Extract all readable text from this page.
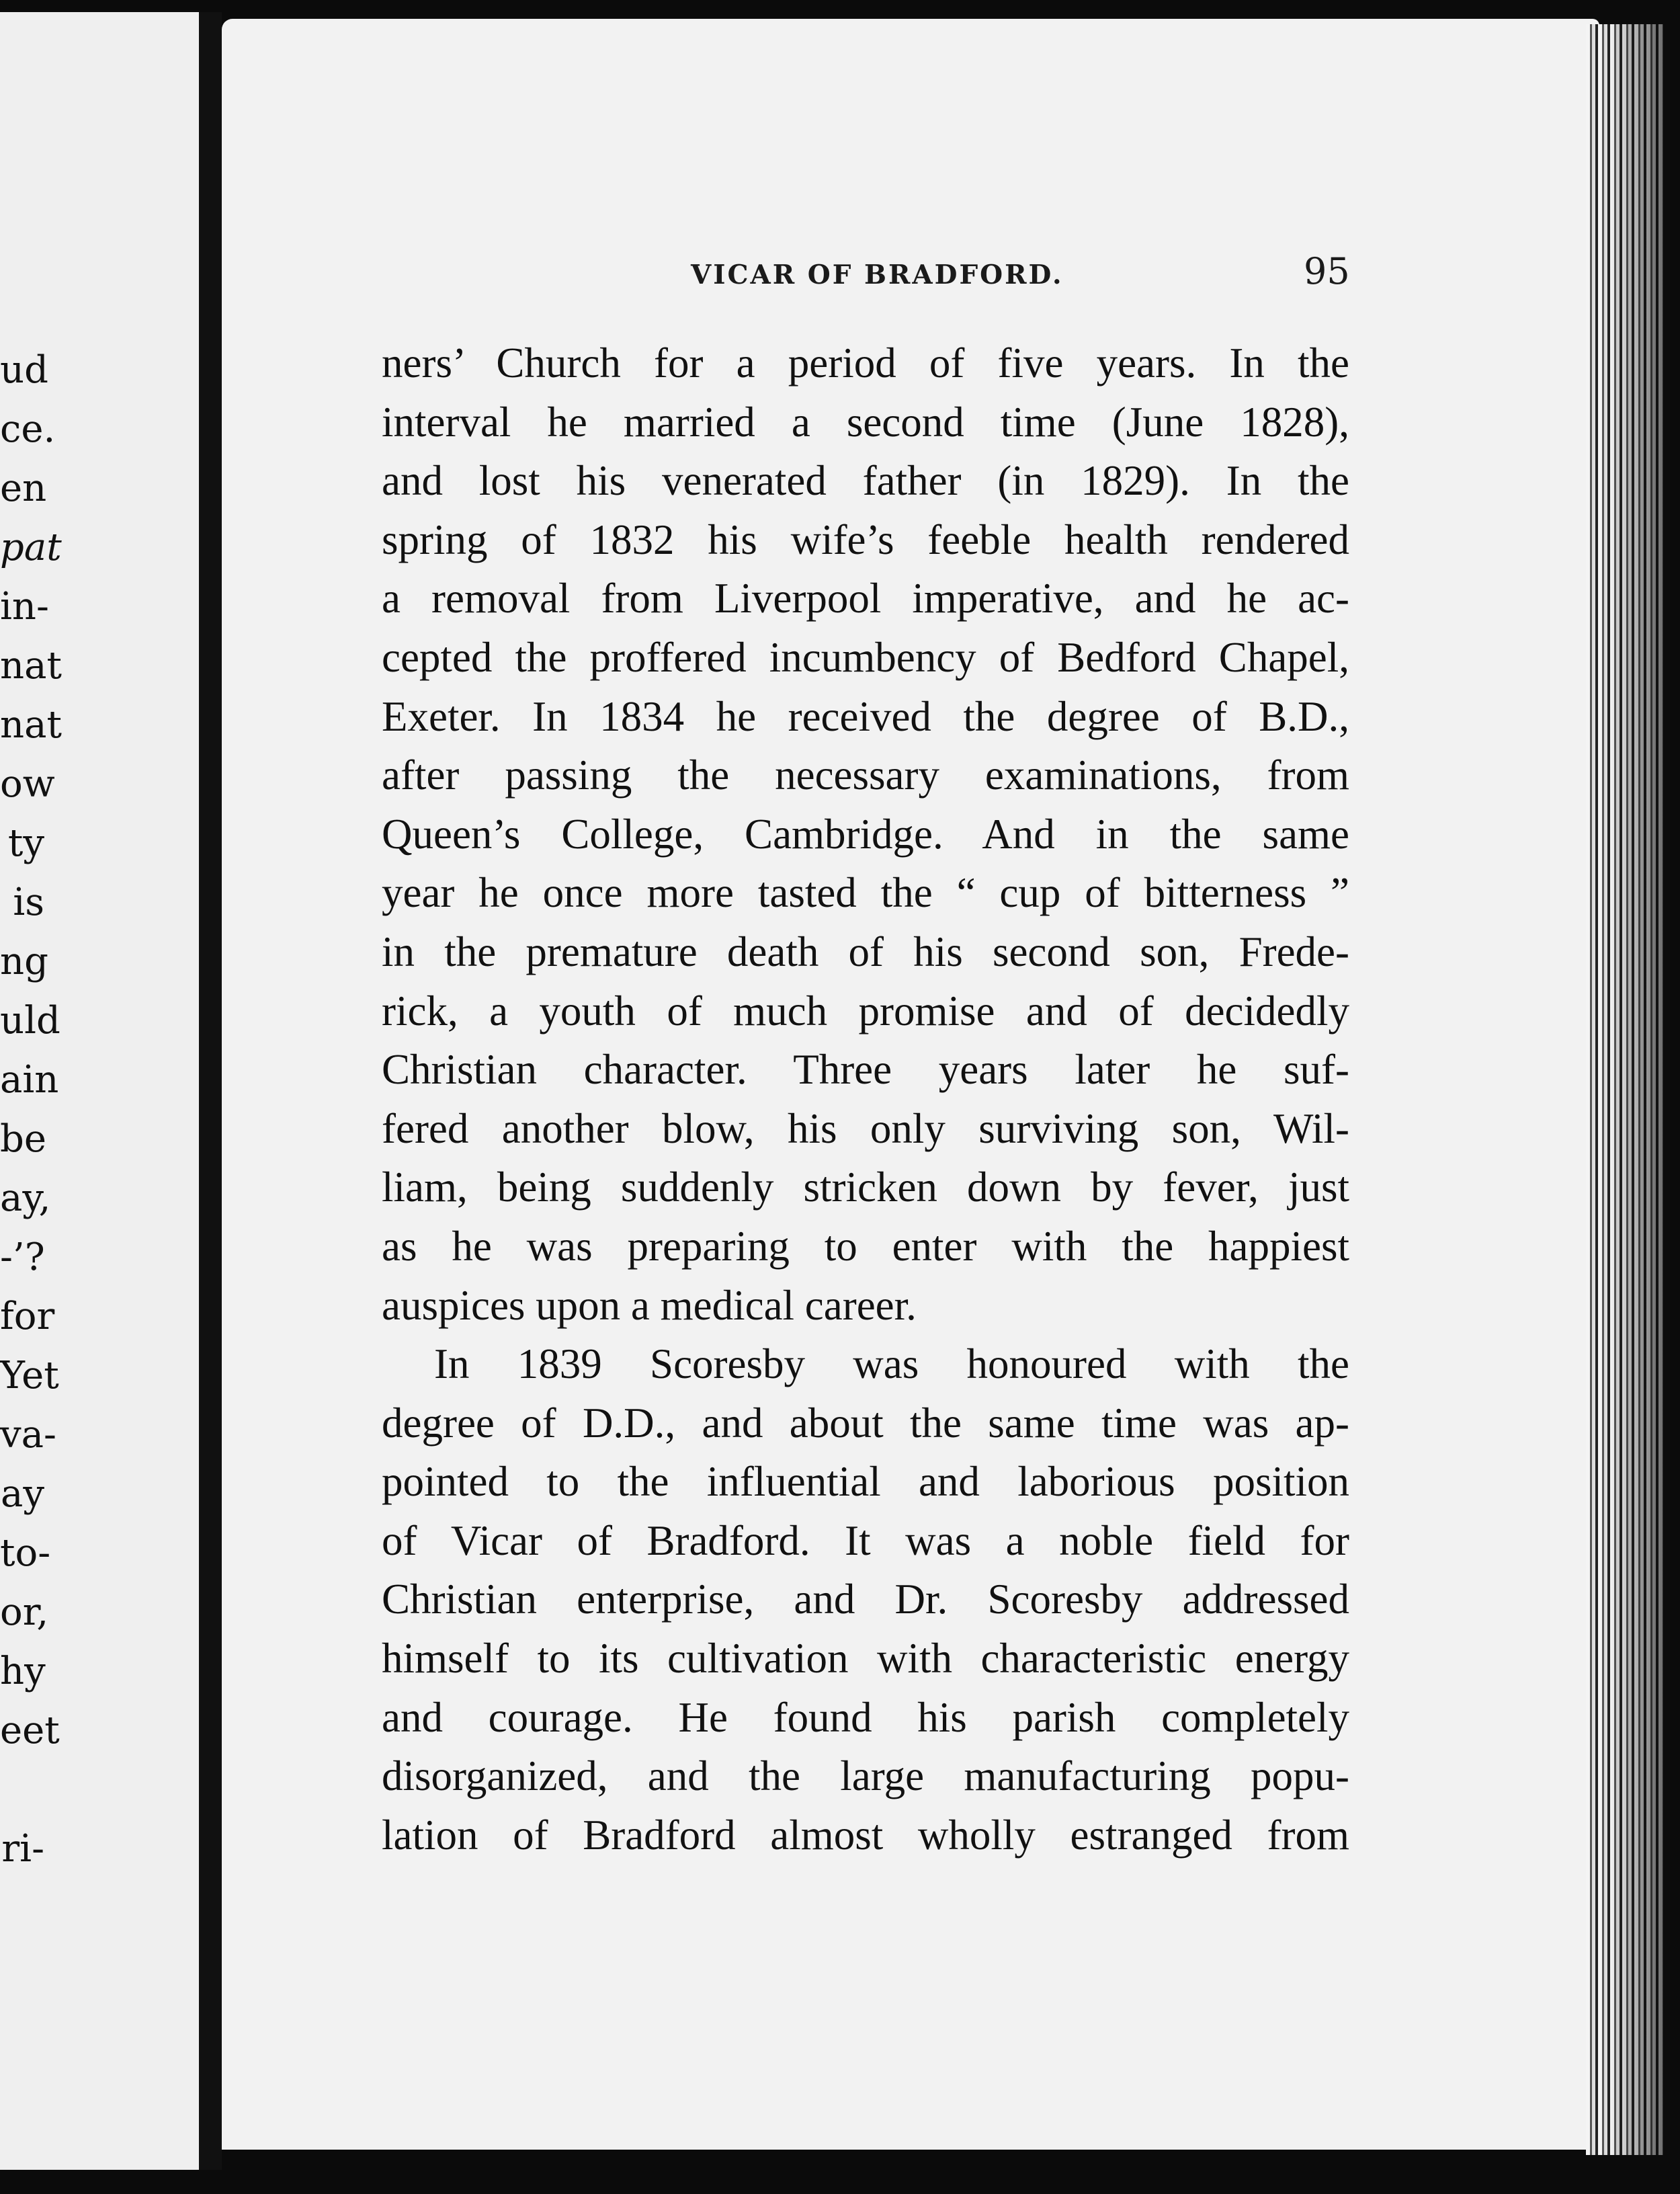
ud
ce.
en
pat
in-
nat
nat
ow
ty
is
ng
uld
ain
be
ay,
-’?
for
Yet
va-
ay
to-
or,
hy
eet
ri-
VICAR OF BRADFORD.	95
ners’ Church for a period of five years. In the
interval he married a second time (June 1828),
and lost his venerated father (in 1829). In the
spring of 1832 his wife’s feeble health rendered
a removal from Liverpool imperative, and he ac-
cepted the proffered incumbency of Bedford Chapel,
Exeter. In 1834 he received the degree of B.D.,
after passing the necessary examinations, from
Queen’s College, Cambridge. And in the same
year he once more tasted the “ cup of bitterness ”
in the premature death of his second son, Frede-
rick, a youth of much promise and of decidedly
Christian character. Three years later he suf-
fered another blow, his only surviving son, Wil-
liam, being suddenly stricken down by fever, just
as he was preparing to enter with the happiest
auspices upon a medical career.
In 1839 Scoresby was honoured with the
degree of D.D., and about the same time was ap-
pointed to the influential and laborious position
of Vicar of Bradford. It was a noble field for
Christian enterprise, and Dr. Scoresby addressed
himself to its cultivation with characteristic energy
and courage. He found his parish completely
disorganized, and the large manufacturing popu-
lation of Bradford almost wholly estranged from
